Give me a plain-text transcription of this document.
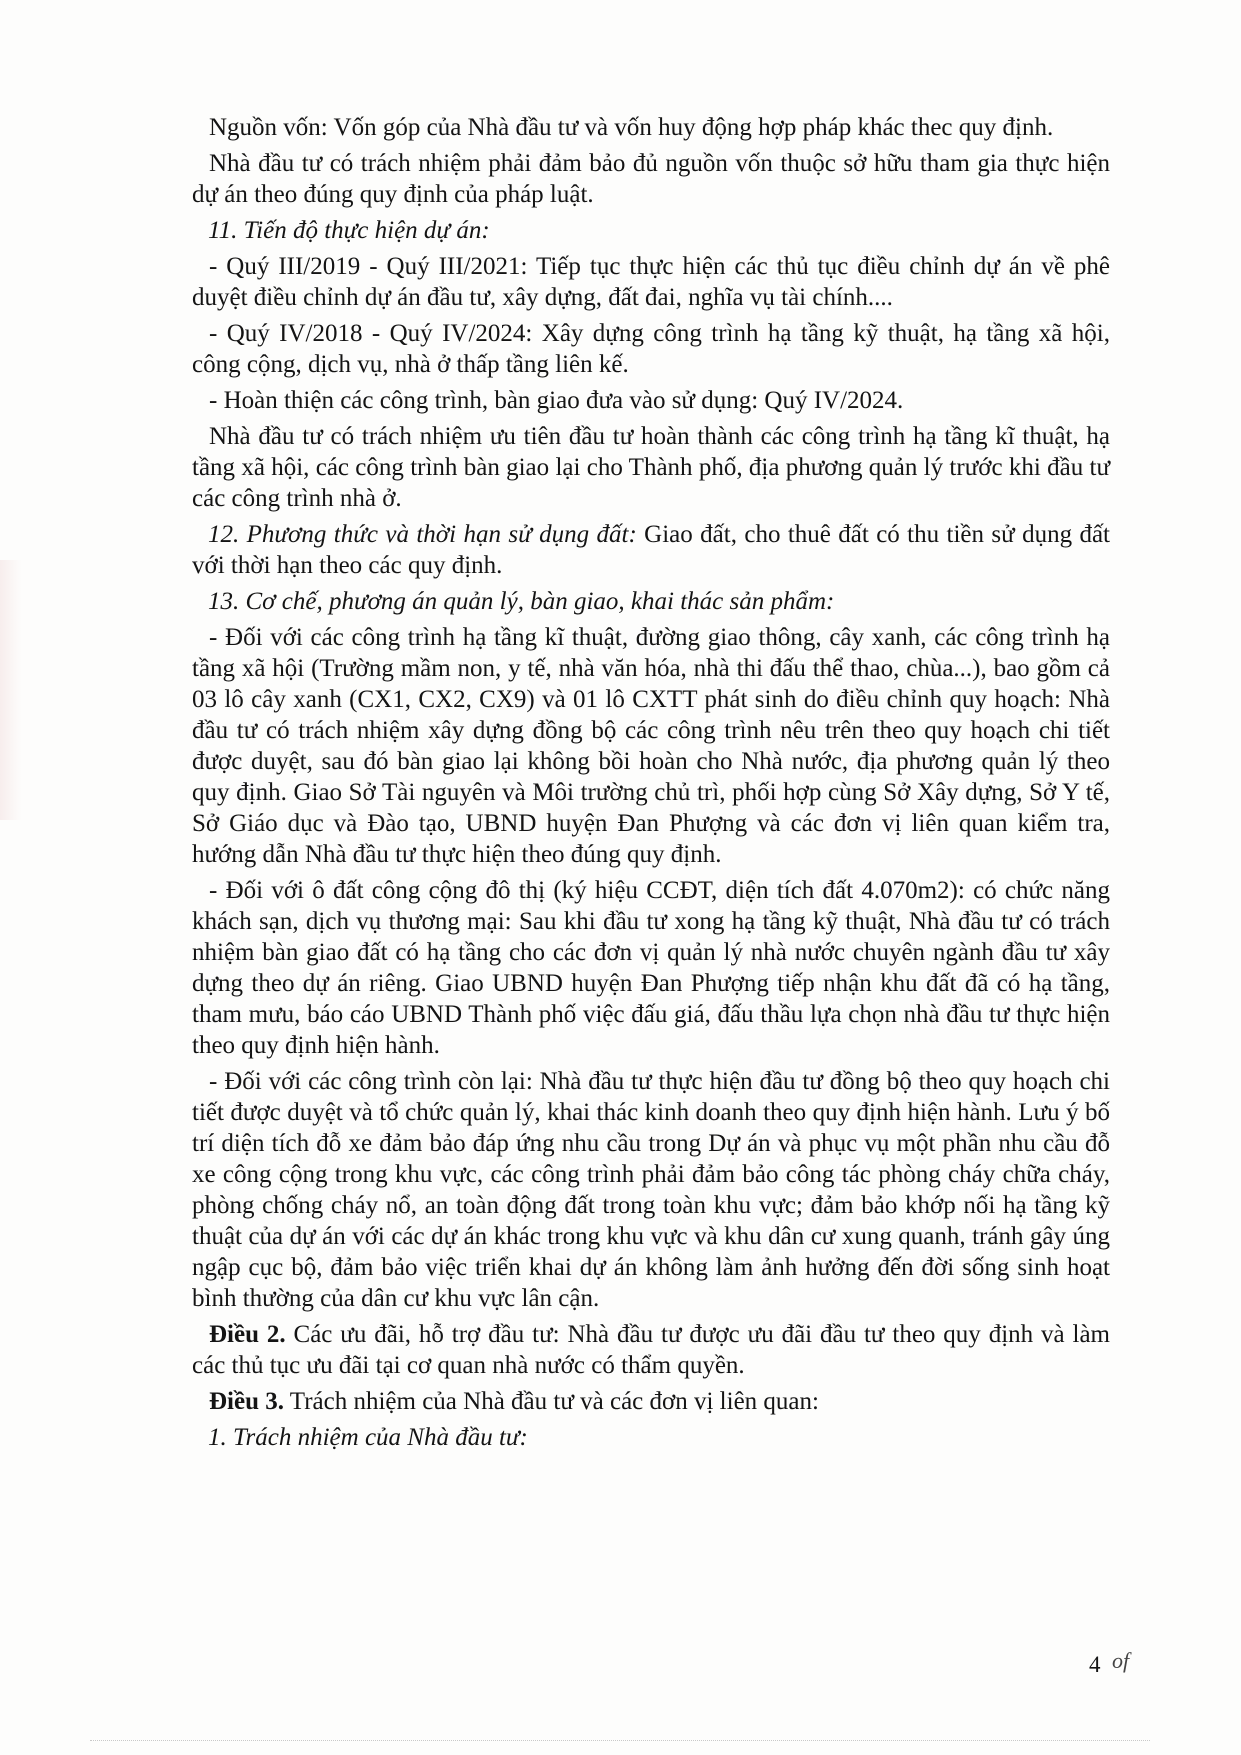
Nguồn vốn: Vốn góp của Nhà đầu tư và vốn huy động hợp pháp khác thec quy định.

Nhà đầu tư có trách nhiệm phải đảm bảo đủ nguồn vốn thuộc sở hữu tham gia thực hiện dự án theo đúng quy định của pháp luật.

11. Tiến độ thực hiện dự án:

- Quý III/2019 - Quý III/2021: Tiếp tục thực hiện các thủ tục điều chỉnh dự án về phê duyệt điều chỉnh dự án đầu tư, xây dựng, đất đai, nghĩa vụ tài chính....

- Quý IV/2018 - Quý IV/2024: Xây dựng công trình hạ tầng kỹ thuật, hạ tầng xã hội, công cộng, dịch vụ, nhà ở thấp tầng liên kế.

- Hoàn thiện các công trình, bàn giao đưa vào sử dụng: Quý IV/2024.

Nhà đầu tư có trách nhiệm ưu tiên đầu tư hoàn thành các công trình hạ tầng kĩ thuật, hạ tầng xã hội, các công trình bàn giao lại cho Thành phố, địa phương quản lý trước khi đầu tư các công trình nhà ở.

12. Phương thức và thời hạn sử dụng đất: Giao đất, cho thuê đất có thu tiền sử dụng đất với thời hạn theo các quy định.

13. Cơ chế, phương án quản lý, bàn giao, khai thác sản phẩm:

- Đối với các công trình hạ tầng kĩ thuật, đường giao thông, cây xanh, các công trình hạ tầng xã hội (Trường mầm non, y tế, nhà văn hóa, nhà thi đấu thể thao, chùa...), bao gồm cả 03 lô cây xanh (CX1, CX2, CX9) và 01 lô CXTT phát sinh do điều chỉnh quy hoạch: Nhà đầu tư có trách nhiệm xây dựng đồng bộ các công trình nêu trên theo quy hoạch chi tiết được duyệt, sau đó bàn giao lại không bồi hoàn cho Nhà nước, địa phương quản lý theo quy định. Giao Sở Tài nguyên và Môi trường chủ trì, phối hợp cùng Sở Xây dựng, Sở Y tế, Sở Giáo dục và Đào tạo, UBND huyện Đan Phượng và các đơn vị liên quan kiểm tra, hướng dẫn Nhà đầu tư thực hiện theo đúng quy định.

- Đối với ô đất công cộng đô thị (ký hiệu CCĐT, diện tích đất 4.070m2): có chức năng khách sạn, dịch vụ thương mại: Sau khi đầu tư xong hạ tầng kỹ thuật, Nhà đầu tư có trách nhiệm bàn giao đất có hạ tầng cho các đơn vị quản lý nhà nước chuyên ngành đầu tư xây dựng theo dự án riêng. Giao UBND huyện Đan Phượng tiếp nhận khu đất đã có hạ tầng, tham mưu, báo cáo UBND Thành phố việc đấu giá, đấu thầu lựa chọn nhà đầu tư thực hiện theo quy định hiện hành.

- Đối với các công trình còn lại: Nhà đầu tư thực hiện đầu tư đồng bộ theo quy hoạch chi tiết được duyệt và tổ chức quản lý, khai thác kinh doanh theo quy định hiện hành. Lưu ý bố trí diện tích đỗ xe đảm bảo đáp ứng nhu cầu trong Dự án và phục vụ một phần nhu cầu đỗ xe công cộng trong khu vực, các công trình phải đảm bảo công tác phòng cháy chữa cháy, phòng chống cháy nổ, an toàn động đất trong toàn khu vực; đảm bảo khớp nối hạ tầng kỹ thuật của dự án với các dự án khác trong khu vực và khu dân cư xung quanh, tránh gây úng ngập cục bộ, đảm bảo việc triển khai dự án không làm ảnh hưởng đến đời sống sinh hoạt bình thường của dân cư khu vực lân cận.

Điều 2. Các ưu đãi, hỗ trợ đầu tư: Nhà đầu tư được ưu đãi đầu tư theo quy định và làm các thủ tục ưu đãi tại cơ quan nhà nước có thẩm quyền.

Điều 3. Trách nhiệm của Nhà đầu tư và các đơn vị liên quan:

1. Trách nhiệm của Nhà đầu tư:

4 of
